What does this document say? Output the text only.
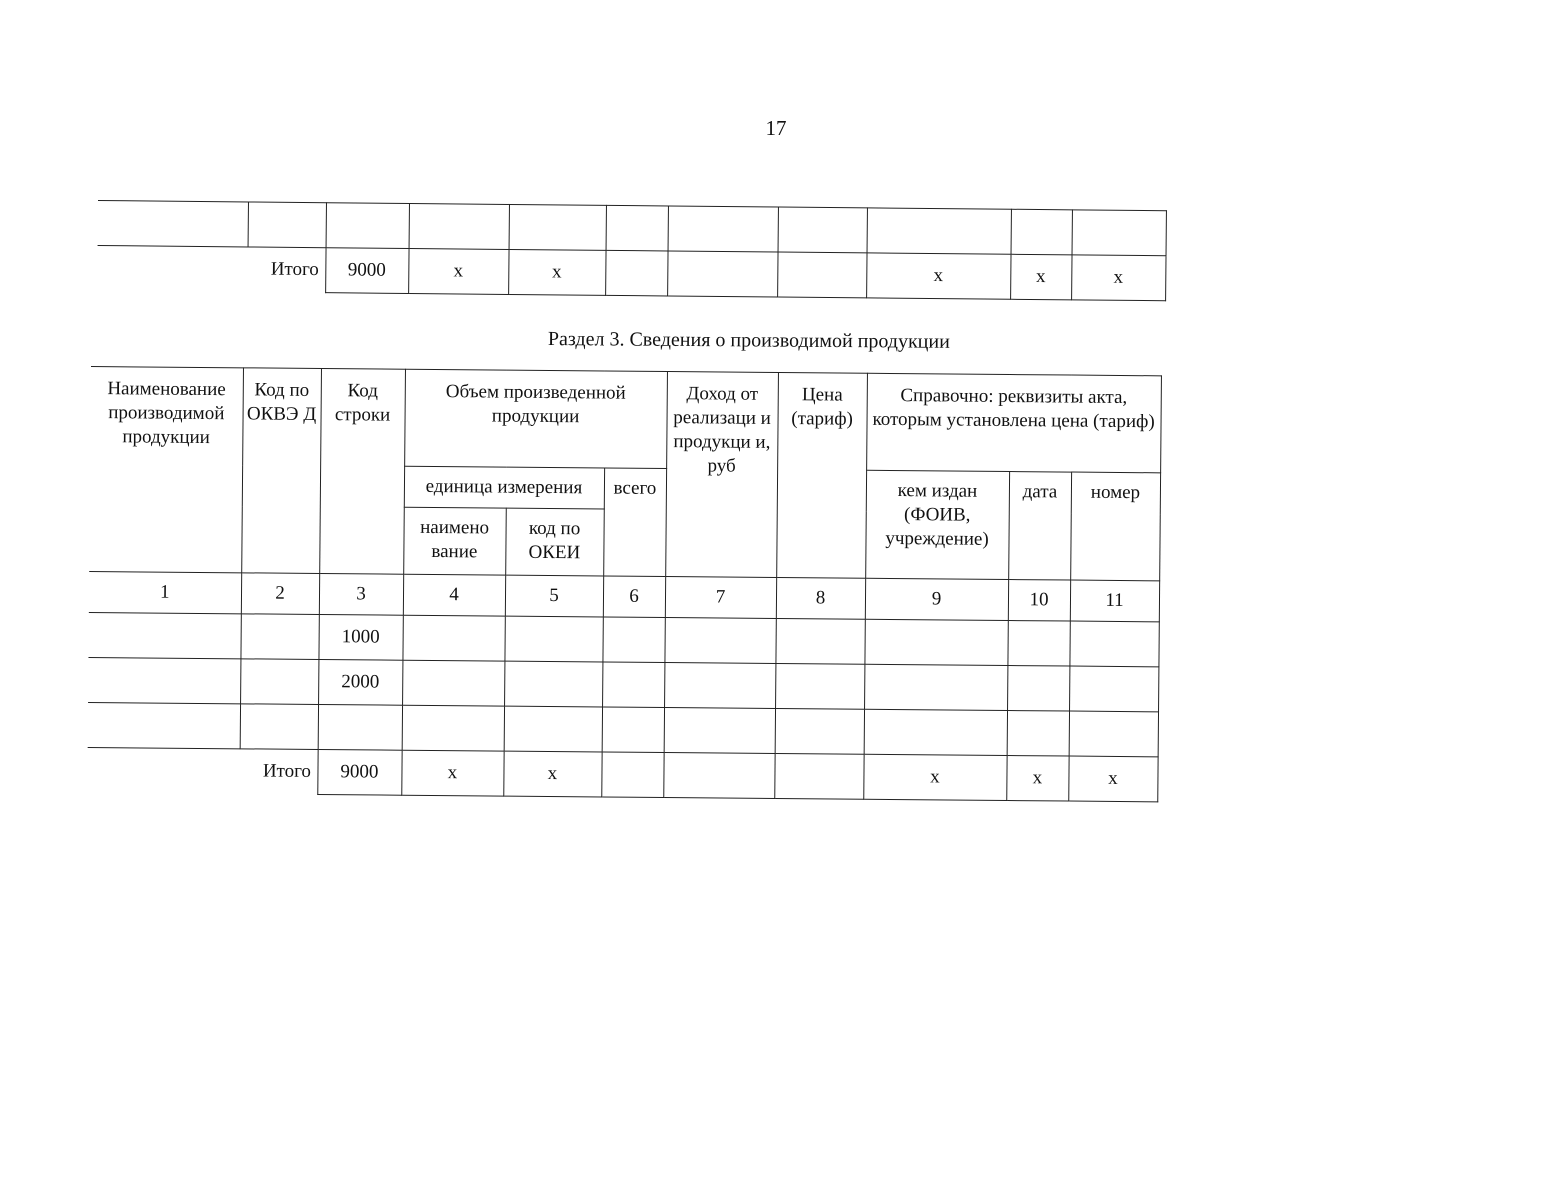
17

Итого		9000	x	x				x	x	x
Раздел 3. Сведения о производимой продукции
Наименование производимой продукции	Код по ОКВЭ Д	Код строки	Объем произведенной продукции			Доход от реализаци и продукци и, руб	Цена (тариф)	Справочно: реквизиты акта, которым установлена цена (тариф)		
			единица измерения		всего			кем издан (ФОИВ, учреждение)	дата	номер
			наимено вание	код по ОКЕИ						
1	2	3	4	5	6	7	8	9	10	11
		1000								
		2000								

Итого		9000	x	x				x	x	x
